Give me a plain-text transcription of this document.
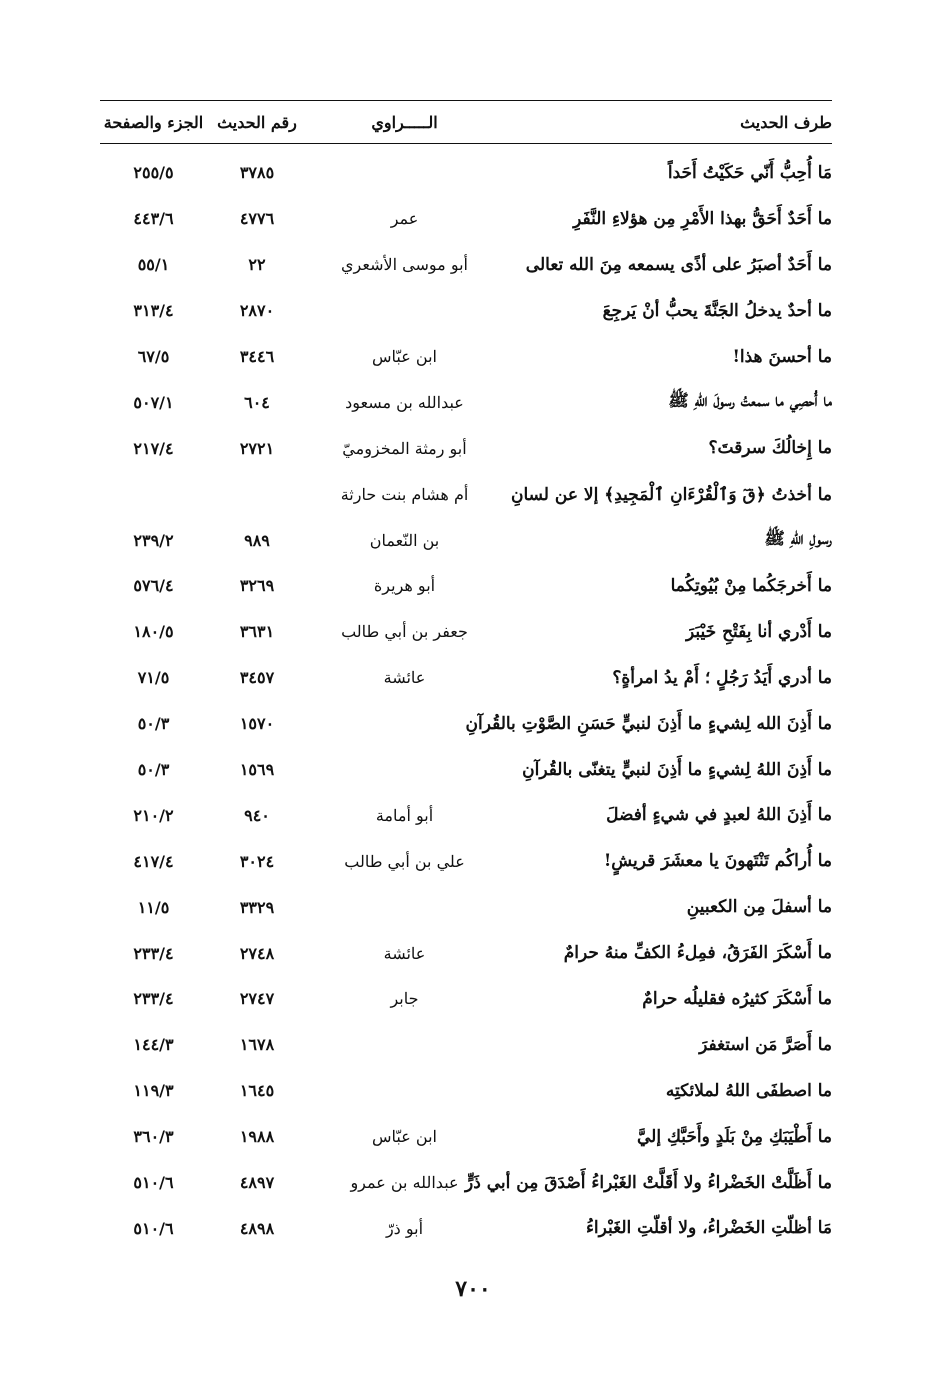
طرف الحديث
الـــــراوي
رقم الحديث
الجزء والصفحة
مَا أُحِبُّ أَنّي حَكَيْتُ أَحَداً
٣٧٨٥
٢٥٥/٥
ما أَحَدٌ أَحَقُّ بهذا الأَمْرِ مِن هؤلاءِ النَّفَرِ
عمر
٤٧٧٦
٤٤٣/٦
ما أَحَدٌ أصبَرُ على أذًى يسمعه مِنَ الله تعالى
أبو موسى الأشعري
٢٢
٥٥/١
ما أحدٌ يدخلُ الجَنَّةَ يحبُّ أنْ يَرجِعَ
٢٨٧٠
٣١٣/٤
ما أحسنَ هذا!
ابن عبّاس
٣٤٤٦
٦٧/٥
ما أُحصِي ما سمعتُ رسولَ اللهِ ﷺ
عبدالله بن مسعود
٦٠٤
٥٠٧/١
ما إِخالُكَ سرقتَ؟
أبو رمثة المخزوميّ
٢٧٢١
٢١٧/٤
ما أخذتُ ﴿قٓ وَٱلْقُرْءَانِ ٱلْمَجِيدِ﴾ إلا عن لسانِ
أم هشام بنت حارثة
رسولِ اللهِ ﷺ
بن النّعمان
٩٨٩
٢٣٩/٢
ما أَخرجَكُما مِنْ بُيُوتِكُما
أبو هريرة
٣٢٦٩
٥٧٦/٤
ما أَدْري أنا بِفَتْحِ خَيْبَرَ
جعفر بن أبي طالب
٣٦٣١
١٨٠/٥
ما أدري أَيَدُ رَجُلٍ ؛ أَمْ يدُ امرأةٍ؟
عائشة
٣٤٥٧
٧١/٥
ما أَذِنَ الله لِشيءٍ ما أَذِنَ لنبيٍّ حَسَنِ الصَّوْتِ بالقُرآنِ
١٥٧٠
٥٠/٣
ما أَذِنَ اللهُ لِشيءٍ ما أَذِنَ لنبيٍّ يتغنّى بالقُرآنِ
١٥٦٩
٥٠/٣
ما أَذِنَ اللهُ لعبدٍ في شيءٍ أفضلَ
أبو أمامة
٩٤٠
٢١٠/٢
ما أُراكُم تَنْتَهونَ يا معشَرَ قريشٍ!
علي بن أبي طالب
٣٠٢٤
٤١٧/٤
ما أسفلَ مِن الكعبينِ
٣٣٢٩
١١/٥
ما أَسْكَرَ الفَرَقُ، فمِلءُ الكفِّ منهُ حرامٌ
عائشة
٢٧٤٨
٢٣٣/٤
ما أَسْكَرَ كثيرُه فقليلُه حرامٌ
جابر
٢٧٤٧
٢٣٣/٤
ما أَصَرَّ مَن استغفرَ
١٦٧٨
١٤٤/٣
ما اصطفَى اللهُ لملائكتِه
١٦٤٥
١١٩/٣
ما أَطْيَبَكِ مِنْ بَلَدٍ وأَحَبَّكِ إليَّ
ابن عبّاس
١٩٨٨
٣٦٠/٣
ما أَظَلَّتْ الخَضْراءُ ولا أَقَلَّتْ الغَبْراءُ أَصْدَقَ مِن أبي ذَرٍّ
عبدالله بن عمرو
٤٨٩٧
٥١٠/٦
مَا أظلّتِ الخَضْراءُ، ولا أقلّتِ الغَبْراءُ
أبو ذرّ
٤٨٩٨
٥١٠/٦
٧٠٠
